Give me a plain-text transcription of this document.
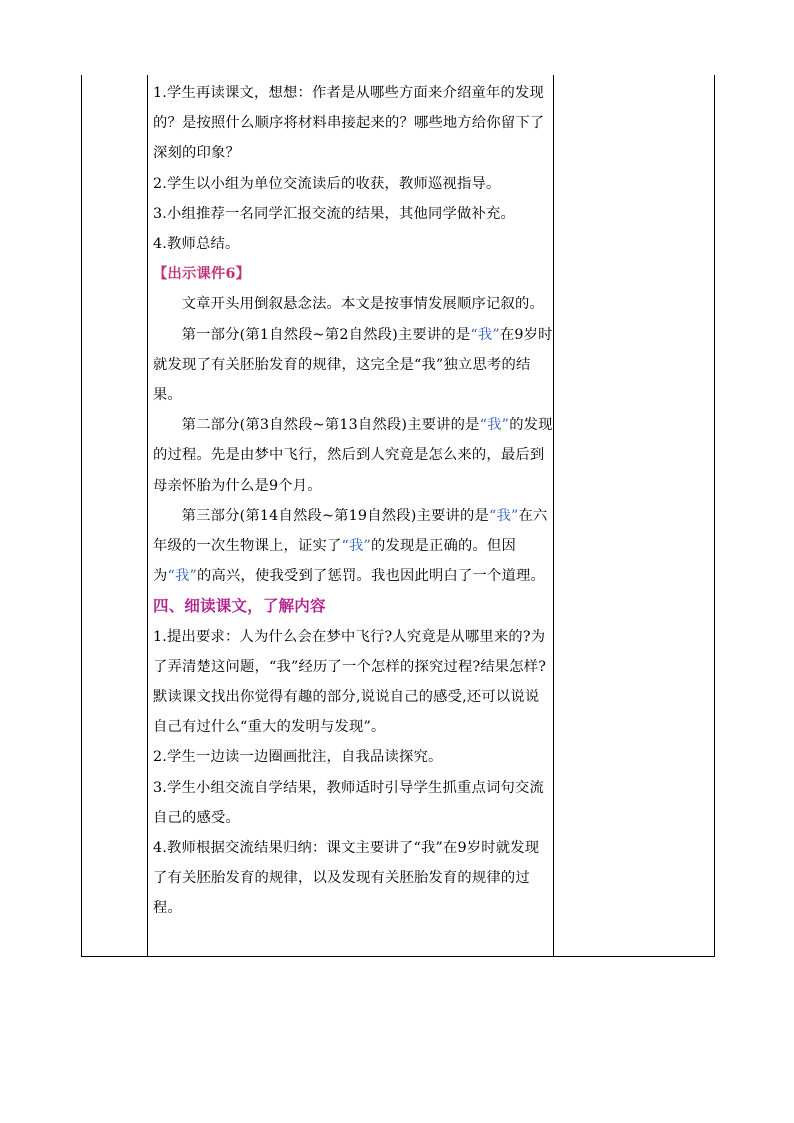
1.学生再读课文，想想：作者是从哪些方面来介绍童年的发现的？是按照什么顺序将材料串接起来的？哪些地方给你留下了深刻的印象？

2.学生以小组为单位交流读后的收获，教师巡视指导。

3.小组推荐一名同学汇报交流的结果，其他同学做补充。

4.教师总结。

【出示课件6】

文章开头用倒叙悬念法。本文是按事情发展顺序记叙的。

第一部分(第1自然段~第2自然段)主要讲的是“我”在9岁时就发现了有关胚胎发育的规律，这完全是“我”独立思考的结果。

第二部分(第3自然段~第13自然段)主要讲的是“我”的发现的过程。先是由梦中飞行，然后到人究竟是怎么来的，最后到母亲怀胎为什么是9个月。

第三部分(第14自然段~第19自然段)主要讲的是“我”在六年级的一次生物课上，证实了“我”的发现是正确的。但因为“我”的高兴，使我受到了惩罚。我也因此明白了一个道理。

四、细读课文，了解内容

1.提出要求：人为什么会在梦中飞行?人究竟是从哪里来的?为了弄清楚这问题，“我”经历了一个怎样的探究过程?结果怎样?默读课文找出你觉得有趣的部分,说说自己的感受,还可以说说自己有过什么“重大的发明与发现”。

2.学生一边读一边圈画批注，自我品读探究。

3.学生小组交流自学结果，教师适时引导学生抓重点词句交流自己的感受。

4.教师根据交流结果归纳：课文主要讲了“我”在9岁时就发现了有关胚胎发育的规律，以及发现有关胚胎发育的规律的过程。
